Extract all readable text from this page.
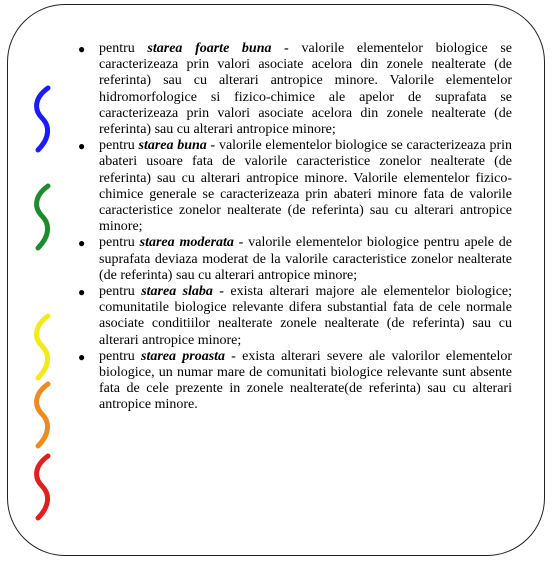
● pentru starea foarte buna - valorile elementelor biologice se caracterizeaza prin valori asociate acelora din zonele nealterate (de referinta) sau cu alterari antropice minore. Valorile elementelor hidromorfologice si fizico-chimice ale apelor de suprafata se caracterizeaza prin valori asociate acelora din zonele nealterate (de referinta) sau cu alterari antropice minore;
● pentru starea buna - valorile elementelor biologice se caracterizeaza prin abateri usoare fata de valorile caracteristice zonelor nealterate (de referinta) sau cu alterari antropice minore. Valorile elementelor fizico-chimice generale se caracterizeaza prin abateri minore fata de valorile caracteristice zonelor nealterate (de referinta) sau cu alterari antropice minore;
● pentru starea moderata - valorile elementelor biologice pentru apele de suprafata deviaza moderat de la valorile caracteristice zonelor nealterate (de referinta) sau cu alterari antropice minore;
● pentru starea slaba - exista alterari majore ale elementelor biologice; comunitatile biologice relevante difera substantial fata de cele normale asociate conditiilor nealterate zonele nealterate (de referinta) sau cu alterari antropice minore;
● pentru starea proasta - exista alterari severe ale valorilor elementelor biologice, un numar mare de comunitati biologice relevante sunt absente fata de cele prezente in zonele nealterate(de referinta) sau cu alterari antropice minore.
